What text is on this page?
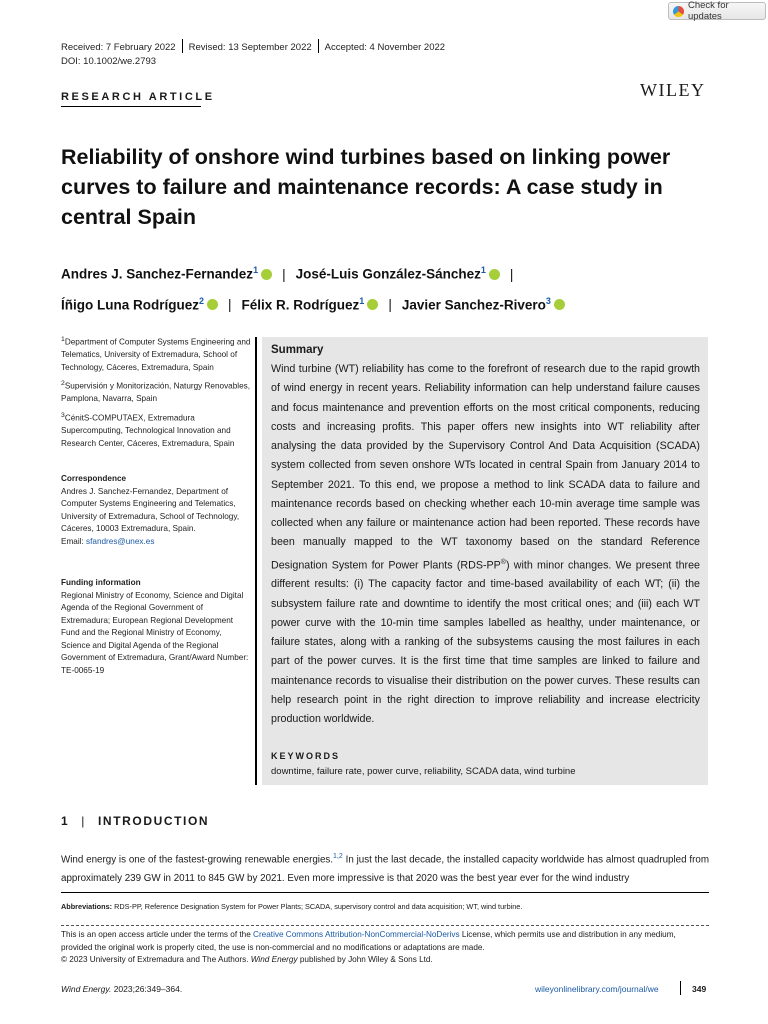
Check for updates
Received: 7 February 2022 Revised: 13 September 2022 Accepted: 4 November 2022
DOI: 10.1002/we.2793
RESEARCH ARTICLE	WILEY
Reliability of onshore wind turbines based on linking power curves to failure and maintenance records: A case study in central Spain
Andres J. Sanchez-Fernandez$^1$ | José-Luis González-Sánchez$^1$ |
Íñigo Luna Rodríguez$^2$ | Félix R. Rodríguez$^1$ | Javier Sanchez-Rivero$^3$

$^1$Department of Computer Systems Engineering and Telematics, University of Extremadura, School of Technology, Cáceres, Extremadura, Spain

$^2$Supervisión y Monitorización, Naturgy Renovables, Pamplona, Navarra, Spain

$^3$CénitS-COMPUTAEX, Extremadura Supercomputing, Technological Innovation and Research Center, Cáceres, Extremadura, Spain

Correspondence

Andres J. Sanchez-Fernandez, Department of Computer Systems Engineering and Telematics, University of Extremadura, School of Technology, Cáceres, 10003 Extremadura, Spain.

Email: sfandres@unex.es

Funding information

Regional Ministry of Economy, Science and Digital Agenda of the Regional Government of Extremadura; European Regional Development Fund and the Regional Ministry of Economy, Science and Digital Agenda of the Regional Government of Extremadura, Grant/Award Number: TE-0065-19

Summary
Wind turbine (WT) reliability has come to the forefront of research due to the rapid growth of wind energy in recent years. Reliability information can help understand failure causes and focus maintenance and prevention efforts on the most critical components, reducing costs and increasing profits. This paper offers new insights into WT reliability after analysing the data provided by the Supervisory Control And Data Acquisition (SCADA) system collected from seven onshore WTs located in central Spain from January 2014 to September 2021. To this end, we propose a method to link SCADA data to failure and maintenance records based on checking whether each 10-min average time sample was collected when any failure or maintenance action had been reported. These records have been manually mapped to the WT taxonomy based on the standard Reference Designation System for Power Plants (RDS-PP®) with minor changes. We present three different results: (i) The capacity factor and time-based availability of each WT; (ii) the subsystem failure rate and downtime to identify the most critical ones; and (iii) each WT power curve with the 10-min time samples labelled as healthy, under maintenance, or failure states, along with a ranking of the subsystems causing the most failures in each part of the power curves. It is the first time that time samples are linked to failure and maintenance records to visualise their distribution on the power curves. These results can help research point in the right direction to improve reliability and increase electricity production worldwide.
KEYWORDS
downtime, failure rate, power curve, reliability, SCADA data, wind turbine
1 | INTRODUCTION
Wind energy is one of the fastest-growing renewable energies.$^{1,2}$ In just the last decade, the installed capacity worldwide has almost quadrupled from approximately 239 GW in 2011 to 845 GW by 2021. Even more impressive is that 2020 was the best year ever for the wind industry
Abbreviations: RDS-PP, Reference Designation System for Power Plants; SCADA, supervisory control and data acquisition; WT, wind turbine.
This is an open access article under the terms of the Creative Commons Attribution-NonCommercial-NoDerivs License, which permits use and distribution in any medium, provided the original work is properly cited, the use is non-commercial and no modifications or adaptations are made.
© 2023 University of Extremadura and The Authors. Wind Energy published by John Wiley & Sons Ltd.
Wind Energy. 2023;26:349–364.	wileyonlinelibrary.com/journal/we	349
